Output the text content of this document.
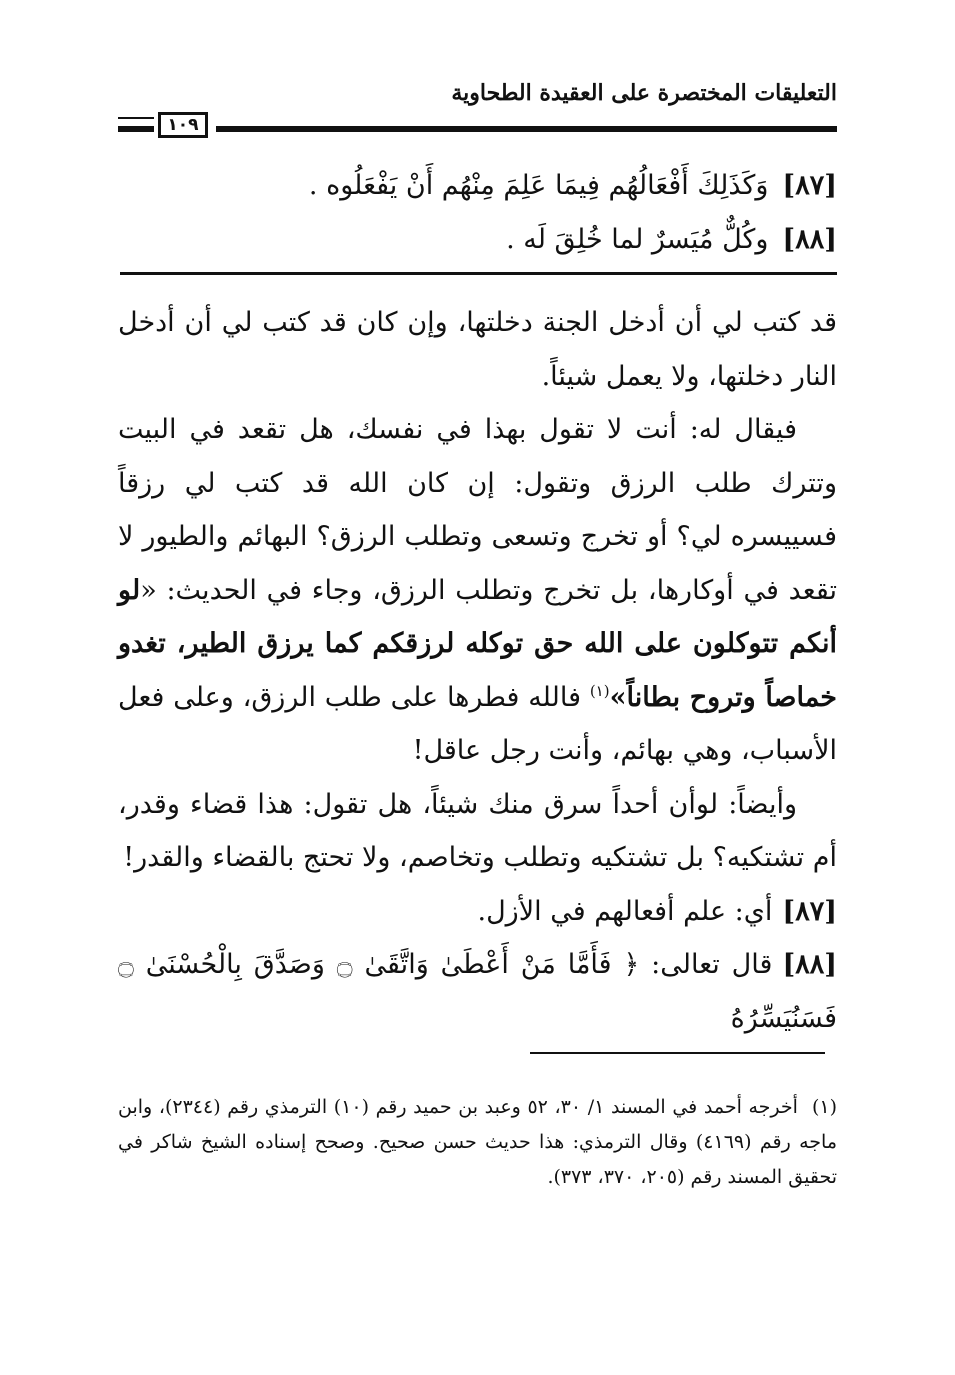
التعليقات المختصرة على العقيدة الطحاوية
١٠٩
[٨٧]وَكَذَلِكَ أَفْعَالُهُم فِيمَا عَلِمَ مِنْهُم أَنْ يَفْعَلُوه .
[٨٨]وكُلٌّ مُيَسرٌ لما خُلِقَ لَه .

قد كتب لي أن أدخل الجنة دخلتها، وإن كان قد كتب لي أن أدخل النار دخلتها، ولا يعمل شيئاً.

فيقال له: أنت لا تقول بهذا في نفسك، هل تقعد في البيت وتترك طلب الرزق وتقول: إن كان الله قد كتب لي رزقاً فسييسره لي؟ أو تخرج وتسعى وتطلب الرزق؟ البهائم والطيور لا تقعد في أوكارها، بل تخرج وتطلب الرزق، وجاء في الحديث: «لو أنكم تتوكلون على الله حق توكله لرزقكم كما يرزق الطير، تغدو خماصاً وتروح بطاناً»$^{(١)}$ فالله فطرها على طلب الرزق، وعلى فعل الأسباب، وهي بهائم، وأنت رجل عاقل!

وأيضاً: لوأن أحداً سرق منك شيئاً، هل تقول: هذا قضاء وقدر، أم تشتكيه؟ بل تشتكيه وتطلب وتخاصم، ولا تحتج بالقضاء والقدر!

[٨٧]أي: علم أفعالهم في الأزل.

[٨٨]قال تعالى: ﴿ فَأَمَّا مَنْ أَعْطَىٰ وَاتَّقَىٰ ۝ وَصَدَّقَ بِالْحُسْنَىٰ ۝ فَسَنُيَسِّرُهُ

(١)أخرجه أحمد في المسند ١/ ٣٠، ٥٢ وعبد بن حميد رقم (١٠) الترمذي رقم (٢٣٤٤)، وابن ماجه رقم (٤١٦٩) وقال الترمذي: هذا حديث حسن صحيح. وصحح إسناده الشيخ شاكر في تحقيق المسند رقم (٢٠٥، ٣٧٠، ٣٧٣).
